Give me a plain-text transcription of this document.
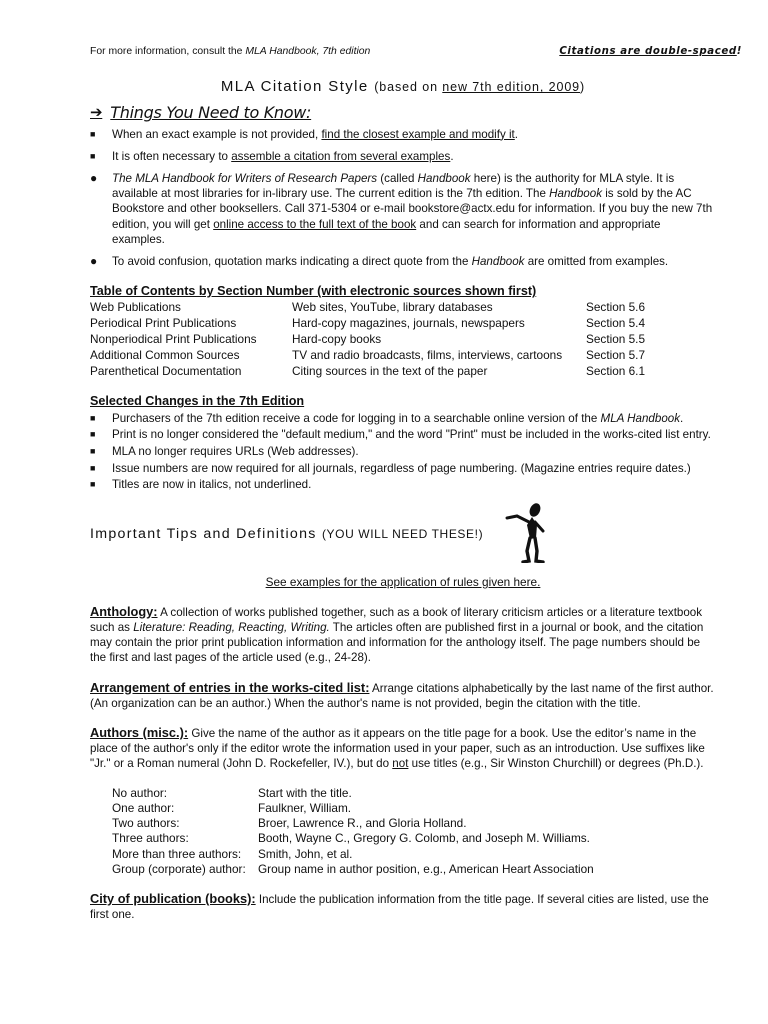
For more information, consult the MLA Handbook, 7th edition	Citations are double-spaced!
MLA Citation Style (based on new 7th edition, 2009)
➔ Things You Need to Know:
■ When an exact example is not provided, find the closest example and modify it.
■ It is often necessary to assemble a citation from several examples.
● The MLA Handbook for Writers of Research Papers (called Handbook here) is the authority for MLA style. It is available at most libraries for in-library use. The current edition is the 7th edition. The Handbook is sold by the AC Bookstore and other booksellers. Call 371-5304 or e-mail bookstore@actx.edu for information. If you buy the new 7th edition, you will get online access to the full text of the book and can search for information and appropriate examples.
● To avoid confusion, quotation marks indicating a direct quote from the Handbook are omitted from examples.
Table of Contents by Section Number (with electronic sources shown first)
Web Publications	Web sites, YouTube, library databases	Section 5.6
Periodical Print Publications	Hard-copy magazines, journals, newspapers	Section 5.4
Nonperiodical Print Publications	Hard-copy books	Section 5.5
Additional Common Sources	TV and radio broadcasts, films, interviews, cartoons	Section 5.7
Parenthetical Documentation	Citing sources in the text of the paper	Section 6.1
Selected Changes in the 7th Edition
■ Purchasers of the 7th edition receive a code for logging in to a searchable online version of the MLA Handbook.
■ Print is no longer considered the "default medium," and the word "Print" must be included in the works-cited list entry.
■ MLA no longer requires URLs (Web addresses).
■ Issue numbers are now required for all journals, regardless of page numbering. (Magazine entries require dates.)
■ Titles are now in italics, not underlined.
Important Tips and Definitions (YOU WILL NEED THESE!)
See examples for the application of rules given here.
Anthology: A collection of works published together, such as a book of literary criticism articles or a literature textbook such as Literature: Reading, Reacting, Writing. The articles often are published first in a journal or book, and the citation may contain the prior print publication information and information for the anthology itself. The page numbers should be the first and last pages of the article used (e.g., 24-28).
Arrangement of entries in the works-cited list: Arrange citations alphabetically by the last name of the first author. (An organization can be an author.) When the author's name is not provided, begin the citation with the title.
Authors (misc.): Give the name of the author as it appears on the title page for a book. Use the editor’s name in the place of the author's only if the editor wrote the information used in your paper, such as an introduction. Use suffixes like "Jr." or a Roman numeral (John D. Rockefeller, IV.), but do not use titles (e.g., Sir Winston Churchill) or degrees (Ph.D.).
No author:	Start with the title.
One author:	Faulkner, William.
Two authors:	Broer, Lawrence R., and Gloria Holland.
Three authors:	Booth, Wayne C., Gregory G. Colomb, and Joseph M. Williams.
More than three authors:	Smith, John, et al.
Group (corporate) author:	Group name in author position, e.g., American Heart Association
City of publication (books): Include the publication information from the title page. If several cities are listed, use the first one.
